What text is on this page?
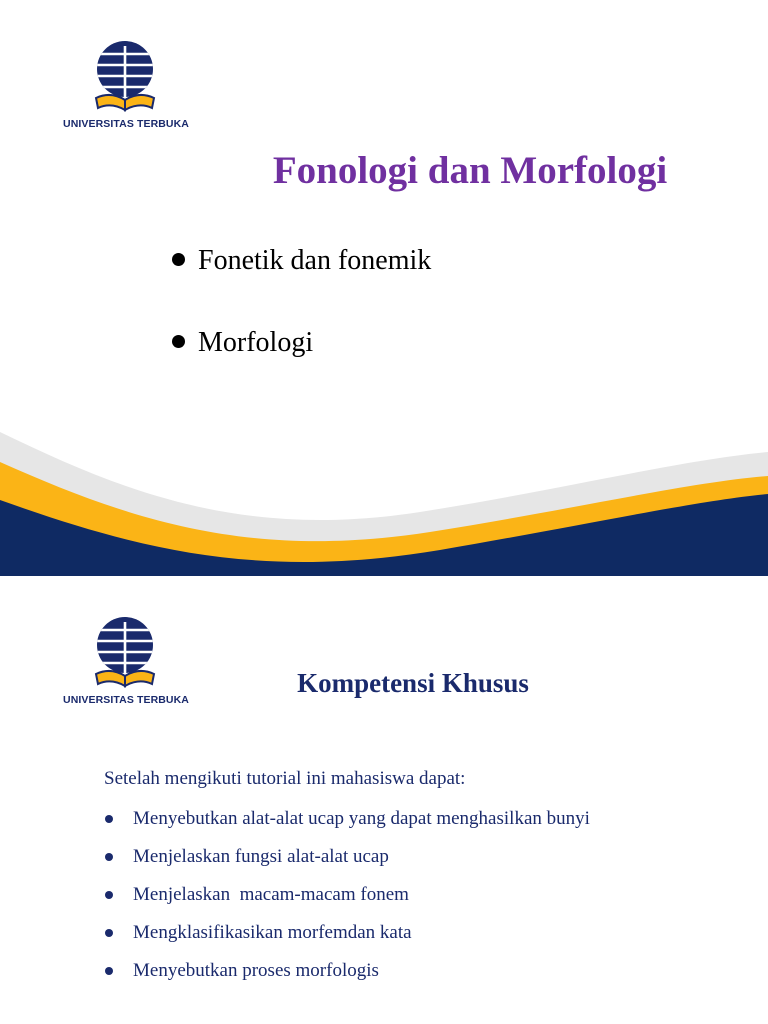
UNIVERSITAS TERBUKA
Fonologi dan Morfologi
Fonetik dan fonemik
Morfologi
UNIVERSITAS TERBUKA
Kompetensi Khusus
Setelah mengikuti tutorial ini mahasiswa dapat:
Menyebutkan alat-alat ucap yang dapat menghasilkan bunyi
Menjelaskan fungsi alat-alat ucap
Menjelaskan  macam-macam fonem
Mengklasifikasikan morfemdan kata
Menyebutkan proses morfologis
